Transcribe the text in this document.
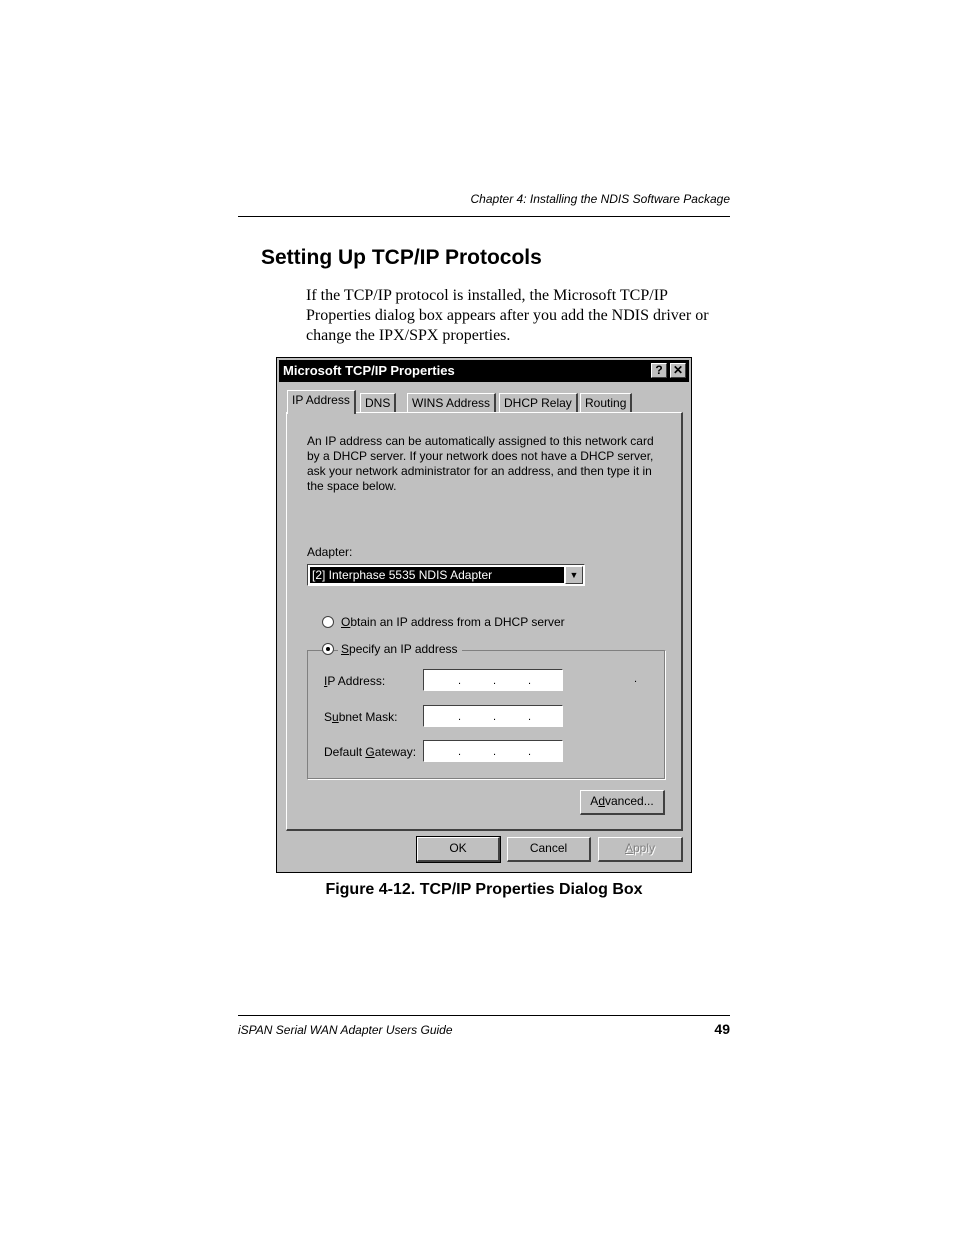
Chapter 4: Installing the NDIS Software Package
Setting Up TCP/IP Protocols
If the TCP/IP protocol is installed, the Microsoft TCP/IP Properties dialog box appears after you add the NDIS driver or change the IPX/SPX properties.
Microsoft TCP/IP Properties	? ✕
IP Address	DNS	WINS Address	DHCP Relay	Routing
An IP address can be automatically assigned to this network card by a DHCP server. If your network does not have a DHCP server, ask your network administrator for an address, and then type it in the space below.
Adapter:
[2] Interphase 5535 NDIS Adapter	▼
Obtain an IP address from a DHCP server
Specify an IP address
IP Address:	.	.	.	.
Subnet Mask:	.	.	.
Default Gateway:	.	.	.
Advanced...
OK	Cancel	Apply
Figure 4-12. TCP/IP Properties Dialog Box
iSPAN Serial WAN Adapter Users Guide	49
